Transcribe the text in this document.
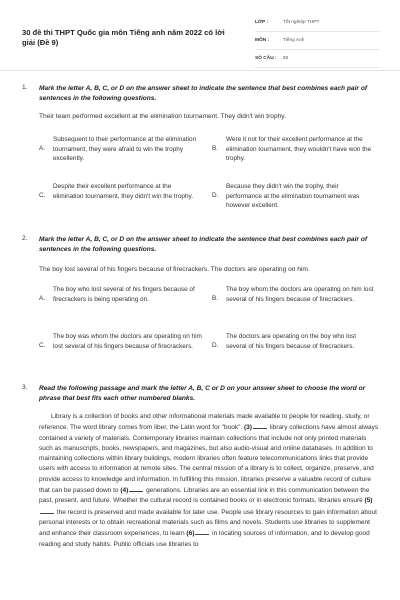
30 đề thi THPT Quốc gia môn Tiếng anh năm 2022 có lời giải (Đề 9)
LỚP :	Tốt nghiệp THPT
MÔN :	Tiếng Anh
SỐ CÂU :	50
1. Mark the letter A, B, C, or D on the answer sheet to indicate the sentence that best combines each pair of sentences in the following questions.
Their team performed excellent at the elimination tournament. They didn't win trophy.
A.
Subsequent to their performance at the elimination tournament, they were afraid to win the trophy excellently.
B.
Were it not for their excellent performance at the elimination tournament, they wouldn't have won the trophy.
C.
Despite their excellent performance at the elimination tournament, they didn't win the trophy.	D.
Because they didn't win the trophy, their performance at the elimination tournament was however excellent.
2. Mark the letter A, B, C, or D on the answer sheet to indicate the sentence that best combines each pair of sentences in the following questions.
The boy lost several of his fingers because of firecrackers. The doctors are operating on him.
A.
The boy who lost several of his fingers because of firecrackers is being operating on.	B.
The boy whom the doctors are operating on him lost several of his fingers because of firecrackers.
C.
The boy was whom the doctors are operating on him lost several of his fingers because of firecrackers.	D.
The doctors are operating on the boy who lost several of his fingers because of firecrackers.
3. Read the following passage and mark the letter A, B, C or D on your answer sheet to choose the word or phrase that best fits each other numbered blanks.
Library is a collection of books and other informational materials made available to people for reading, study, or reference. The word library comes from liber, the Latin word for "book". (3) library collections have almost always contained a variety of materials. Contemporary libraries maintain collections that include not only printed materials such as manuscripts, books, newspapers, and magazines, but also audio-visual and online databases. In addition to maintaining collections within library buildings, modern libraries often feature telecommunications links that provide users with access to information at remote sites. The central mission of a library is to collect, organize, preserve, and provide access to knowledge and information. In fulfilling this mission, libraries preserve a valuable record of culture that can be passed down to (4) generations. Libraries are an essential link in this communication between the past, present, and future. Whether the cultural record is contained books or in electronic formats, libraries ensure (5) the record is preserved and made available for later use. People use library resources to gain information about personal interests or to obtain recreational materials such as films and novels. Students use libraries to supplement and enhance their classroom experiences, to learn (6) in locating sources of information, and to develop good reading and study habits. Public officials use libraries to
